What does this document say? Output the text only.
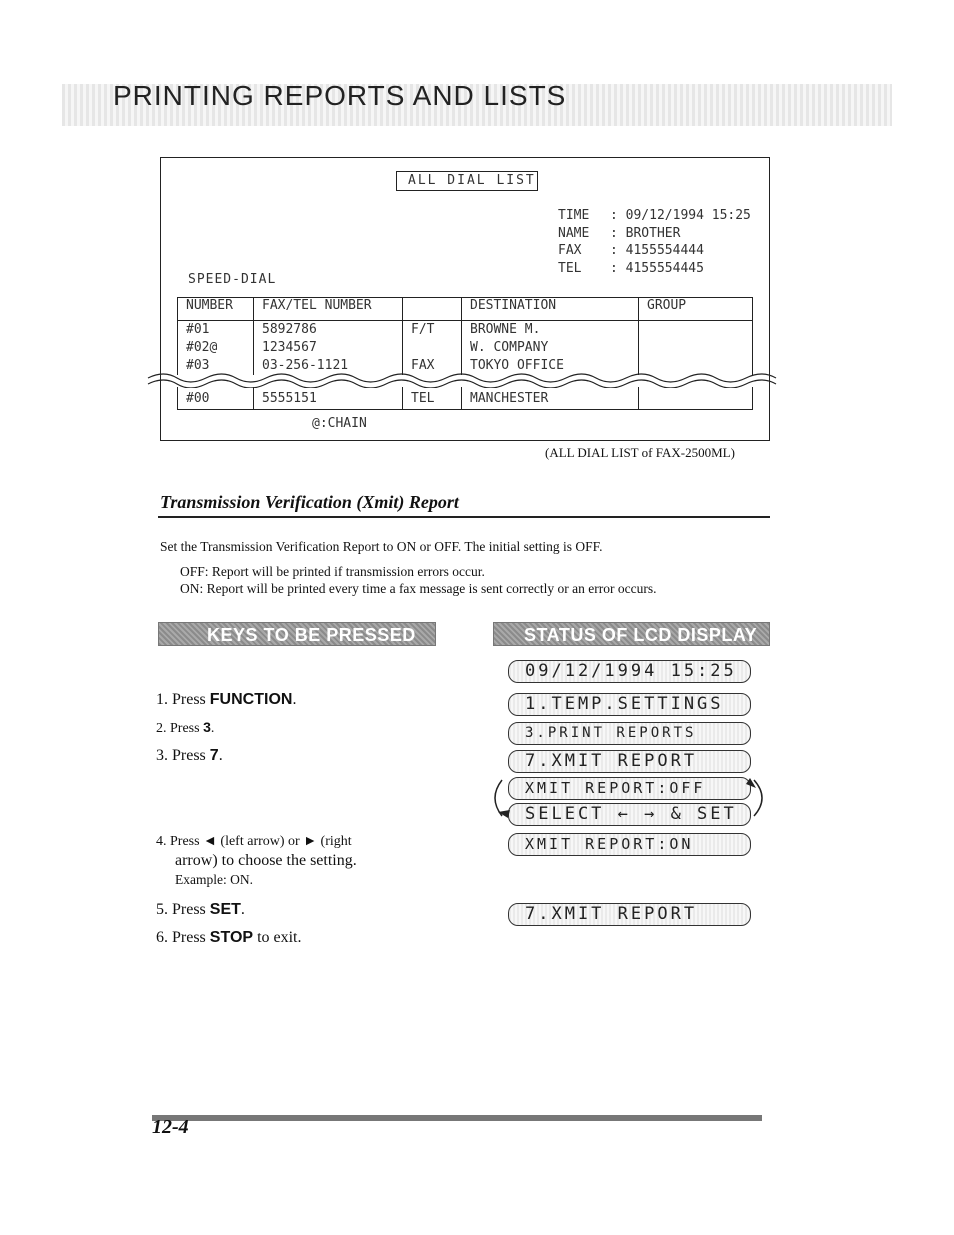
PRINTING REPORTS AND LISTS
ALL DIAL LIST
TIME : 09/12/1994 15:25
NAME : BROTHER
FAX : 4155554444
TEL : 4155554445
SPEED-DIAL
NUMBER	FAX/TEL NUMBER		DESTINATION	GROUP
#01	5892786	F/T	BROWNE M.	
#02@	1234567		W. COMPANY	
#03	03-256-1121	FAX	TOKYO OFFICE	
#00	5555151	TEL	MANCHESTER	
@:CHAIN
(ALL DIAL LIST of FAX-2500ML)
Transmission Verification (Xmit) Report
Set the Transmission Verification Report to ON or OFF. The initial setting is OFF.
OFF: Report will be printed if transmission errors occur.
ON: Report will be printed every time a fax message is sent correctly or an error occurs.
KEYS TO BE PRESSED	STATUS OF LCD DISPLAY
1. Press FUNCTION.
2. Press 3.
3. Press 7.
4. Press ◄ (left arrow) or ► (right
arrow) to choose the setting.
Example: ON.
5. Press SET.
6. Press STOP to exit.
09/12/1994 15:25
1.TEMP.SETTINGS
3.PRINT REPORTS
7.XMIT REPORT
XMIT REPORT:OFF
SELECT ← → & SET
XMIT REPORT:ON
7.XMIT REPORT
12-4
